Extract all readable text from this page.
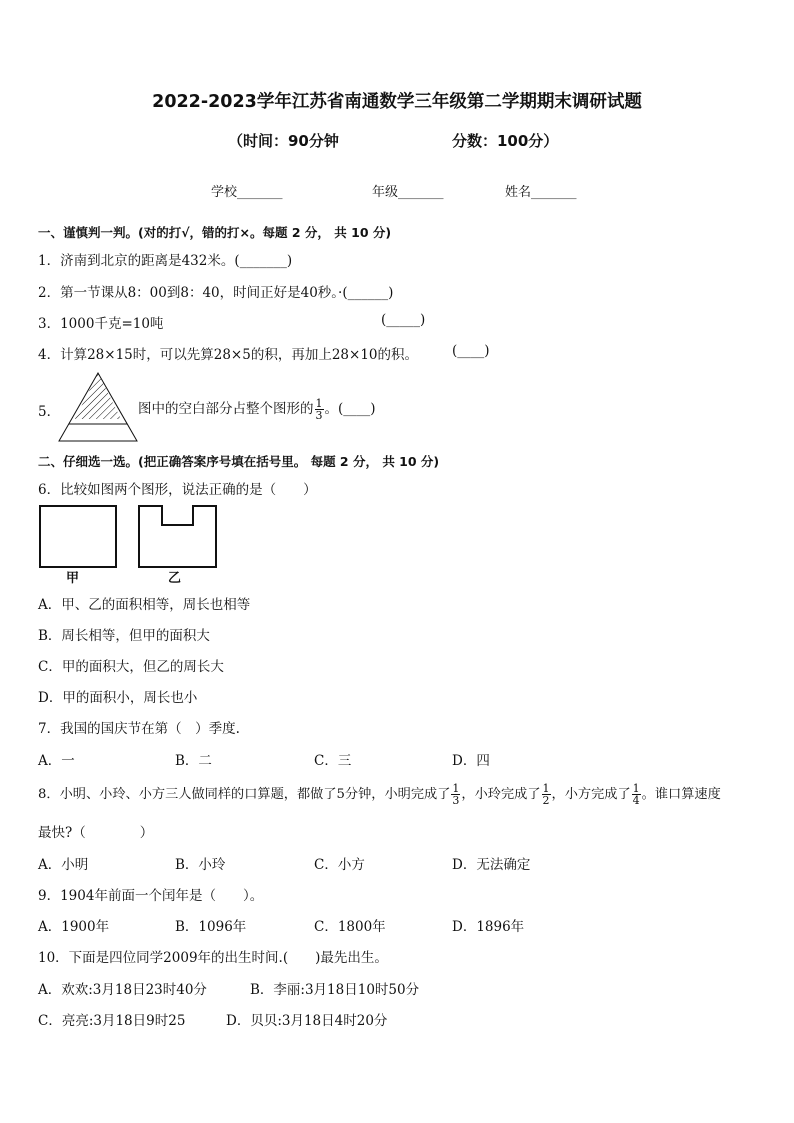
2022-2023学年江苏省南通数学三年级第二学期期末调研试题
（时间：90分钟	分数：100分）
学校_______	年级_______	姓名_______
一、谨慎判一判。(对的打√，错的打×。每题 2 分， 共 10 分)
1．济南到北京的距离是432米。(_______)
2．第一节课从8：00到8：40，时间正好是40秒。·(______)
3．1000千克=10吨	(_____)
4．计算28×15时，可以先算28×5的积，再加上28×10的积。	(____)
5．	图中的空白部分占整个图形的 $\frac{1}{3}$ 。(____)
二、仔细选一选。(把正确答案序号填在括号里。 每题 2 分， 共 10 分)
6．比较如图两个图形，说法正确的是（　　）
甲	乙
A．甲、乙的面积相等，周长也相等
B．周长相等，但甲的面积大
C．甲的面积大，但乙的周长大
D．甲的面积小，周长也小
7．我国的国庆节在第（　）季度.
A．一	B．二	C．三	D．四
8．小明、小玲、小方三人做同样的口算题，都做了5分钟，小明完成了 $\frac{1}{3}$ ，小玲完成了 $\frac{1}{2}$ ，小方完成了 $\frac{1}{4}$ 。谁口算速度
最快?（　　　　）
A．小明	B．小玲	C．小方	D．无法确定
9．1904年前面一个闰年是（　　）。
A．1900年	B．1096年	C．1800年	D．1896年
10．下面是四位同学2009年的出生时间.(　　)最先出生。
A．欢欢:3月18日23时40分	B．李丽:3月18日10时50分
C．亮亮:3月18日9时25	D．贝贝:3月18日4时20分
